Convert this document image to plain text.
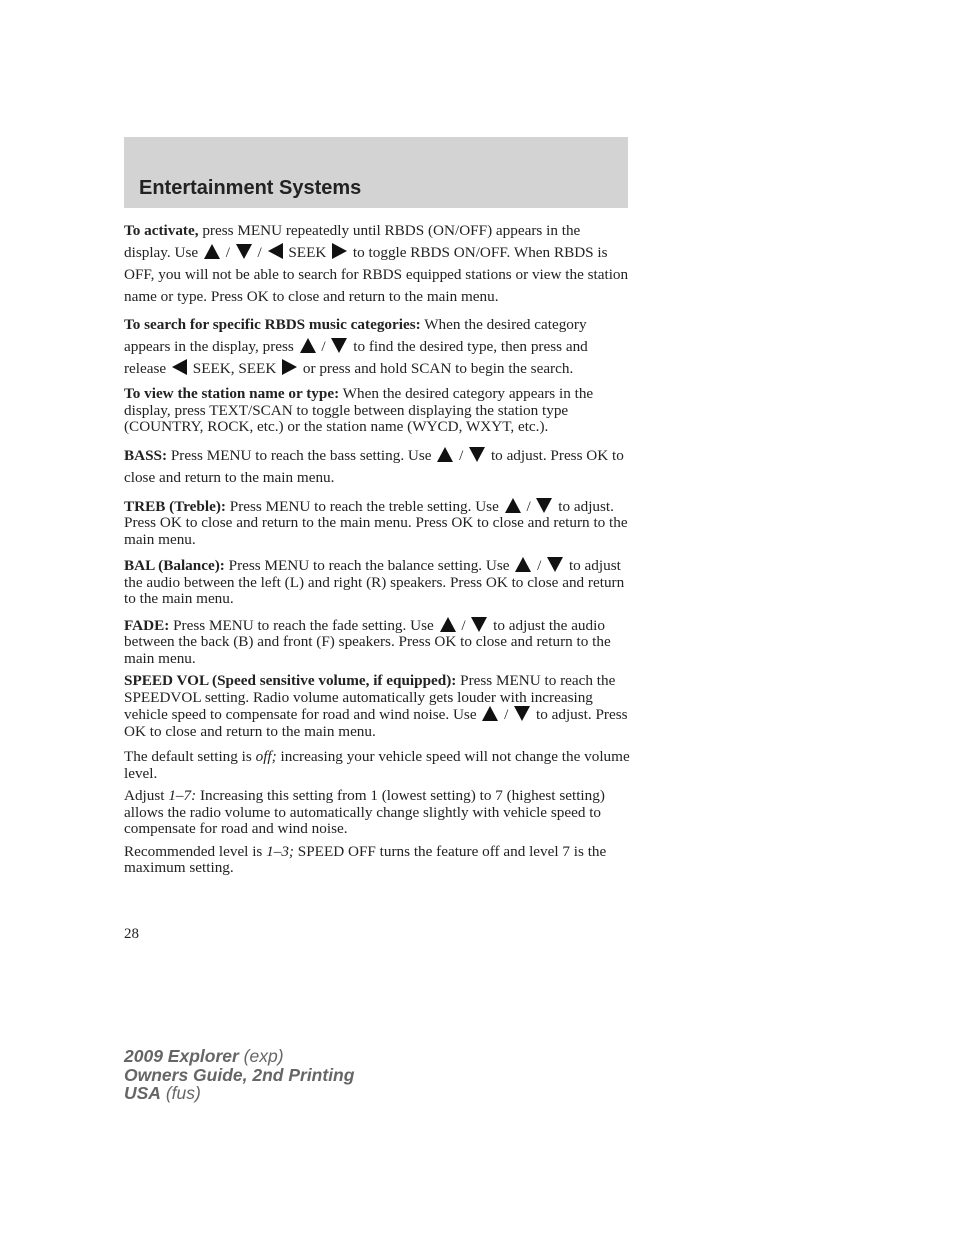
Entertainment Systems

To activate, press MENU repeatedly until RBDS (ON/OFF) appears in the display. Use  /  /  SEEK  to toggle RBDS ON/OFF. When RBDS is OFF, you will not be able to search for RBDS equipped stations or view the station name or type. Press OK to close and return to the main menu.

To search for specific RBDS music categories: When the desired category appears in the display, press  /  to find the desired type, then press and release  SEEK, SEEK  or press and hold SCAN to begin the search.

To view the station name or type: When the desired category appears in the display, press TEXT/SCAN to toggle between displaying the station type (COUNTRY, ROCK, etc.) or the station name (WYCD, WXYT, etc.).

BASS: Press MENU to reach the bass setting. Use  /  to adjust. Press OK to close and return to the main menu.

TREB (Treble): Press MENU to reach the treble setting. Use  /  to adjust. Press OK to close and return to the main menu. Press OK to close and return to the main menu.

BAL (Balance): Press MENU to reach the balance setting. Use  /  to adjust the audio between the left (L) and right (R) speakers. Press OK to close and return to the main menu.

FADE: Press MENU to reach the fade setting. Use  /  to adjust the audio between the back (B) and front (F) speakers. Press OK to close and return to the main menu.

SPEED VOL (Speed sensitive volume, if equipped): Press MENU to reach the SPEEDVOL setting. Radio volume automatically gets louder with increasing vehicle speed to compensate for road and wind noise. Use  /  to adjust. Press OK to close and return to the main menu.

The default setting is off; increasing your vehicle speed will not change the volume level.

Adjust 1–7: Increasing this setting from 1 (lowest setting) to 7 (highest setting) allows the radio volume to automatically change slightly with vehicle speed to compensate for road and wind noise.

Recommended level is 1–3; SPEED OFF turns the feature off and level 7 is the maximum setting.

28
2009 Explorer (exp)
Owners Guide, 2nd Printing
USA (fus)
